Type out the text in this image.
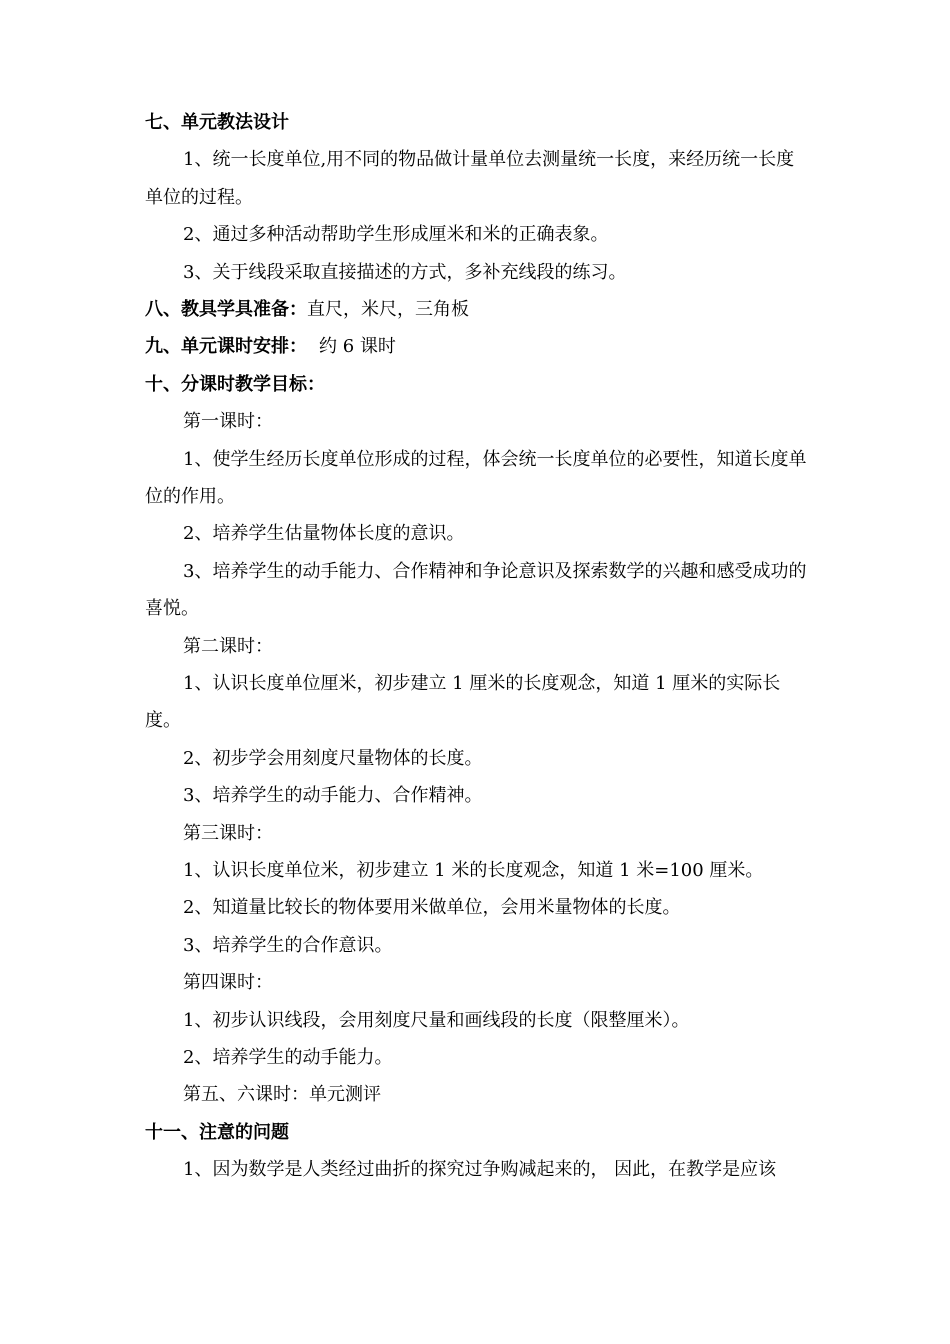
七、单元教法设计
1、统一长度单位,用不同的物品做计量单位去测量统一长度，来经历统一长度单位的过程。
2、通过多种活动帮助学生形成厘米和米的正确表象。
3、关于线段采取直接描述的方式，多补充线段的练习。
八、教具学具准备：直尺，米尺，三角板
九、单元课时安排： 约 6 课时
十、分课时教学目标：
第一课时：
1、使学生经历长度单位形成的过程，体会统一长度单位的必要性，知道长度单位的作用。
2、培养学生估量物体长度的意识。
3、培养学生的动手能力、合作精神和争论意识及探索数学的兴趣和感受成功的喜悦。
第二课时：
1、认识长度单位厘米，初步建立 1 厘米的长度观念，知道 1 厘米的实际长度。
2、初步学会用刻度尺量物体的长度。
3、培养学生的动手能力、合作精神。
第三课时：
1、认识长度单位米，初步建立 1 米的长度观念，知道 1 米=100 厘米。
2、知道量比较长的物体要用米做单位，会用米量物体的长度。
3、培养学生的合作意识。
第四课时：
1、初步认识线段，会用刻度尺量和画线段的长度（限整厘米）。
2、培养学生的动手能力。
第五、六课时：单元测评
十一、注意的问题
1、因为数学是人类经过曲折的探究过争购减起来的， 因此，在教学是应该
